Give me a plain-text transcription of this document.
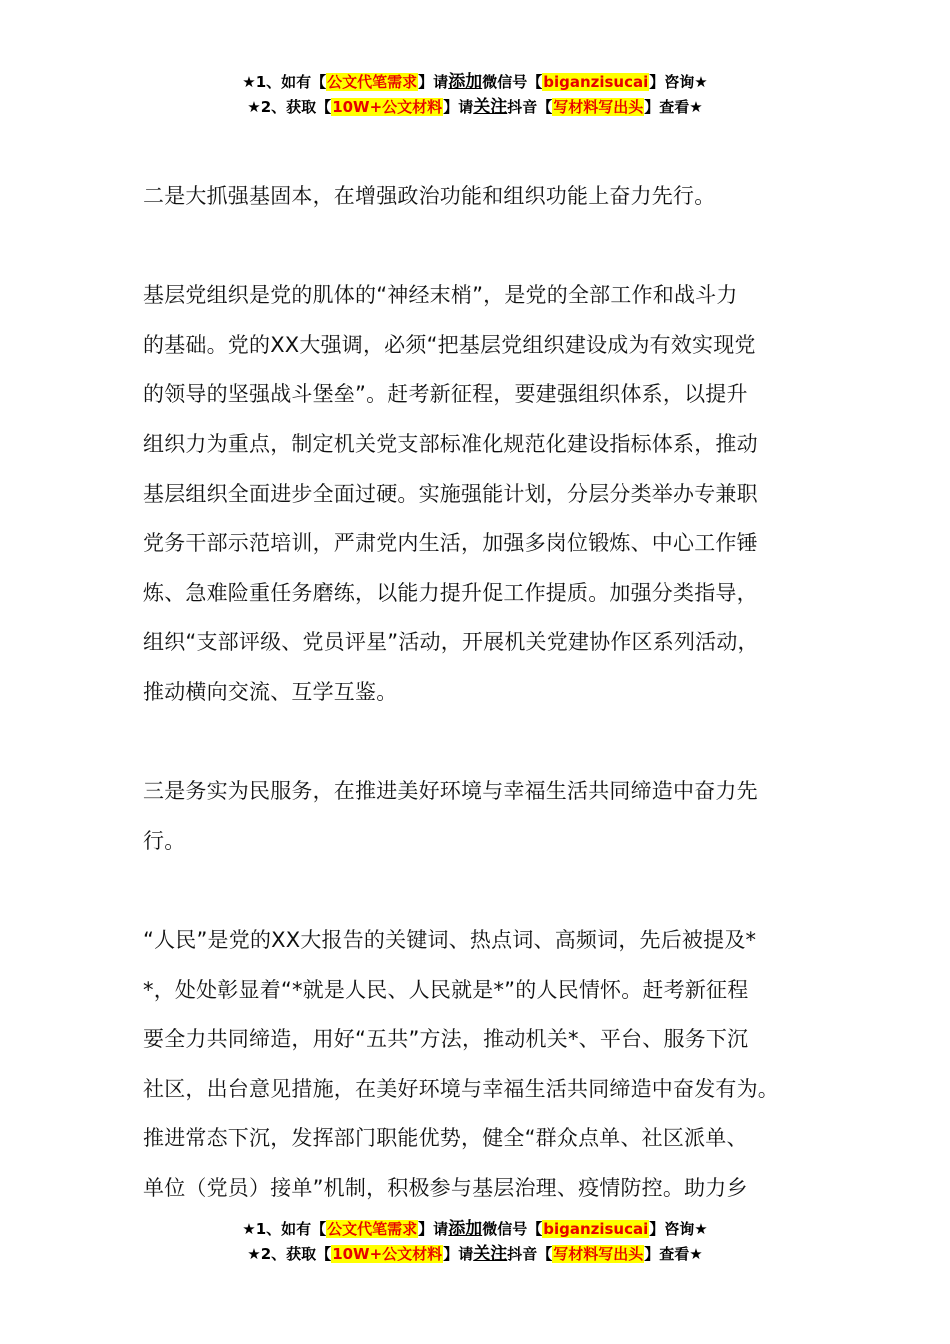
★1、如有【公文代笔需求】请添加微信号【biganzisucai】咨询★
★2、获取【10W+公文材料】请关注抖音【写材料写出头】查看★
二是大抓强基固本，在增强政治功能和组织功能上奋力先行。
基层党组织是党的肌体的“神经末梢”，是党的全部工作和战斗力
的基础。党的XX大强调，必须“把基层党组织建设成为有效实现党
的领导的坚强战斗堡垒”。赶考新征程，要建强组织体系，以提升
组织力为重点，制定机关党支部标准化规范化建设指标体系，推动
基层组织全面进步全面过硬。实施强能计划，分层分类举办专兼职
党务干部示范培训，严肃党内生活，加强多岗位锻炼、中心工作锤
炼、急难险重任务磨练，以能力提升促工作提质。加强分类指导，
组织“支部评级、党员评星”活动，开展机关党建协作区系列活动，
推动横向交流、互学互鉴。
三是务实为民服务，在推进美好环境与幸福生活共同缔造中奋力先
行。
“人民”是党的XX大报告的关键词、热点词、高频词，先后被提及*
*，处处彰显着“*就是人民、人民就是*”的人民情怀。赶考新征程
要全力共同缔造，用好“五共”方法，推动机关*、平台、服务下沉
社区，出台意见措施，在美好环境与幸福生活共同缔造中奋发有为。
推进常态下沉，发挥部门职能优势，健全“群众点单、社区派单、
单位（党员）接单”机制，积极参与基层治理、疫情防控。助力乡
★1、如有【公文代笔需求】请添加微信号【biganzisucai】咨询★
★2、获取【10W+公文材料】请关注抖音【写材料写出头】查看★
